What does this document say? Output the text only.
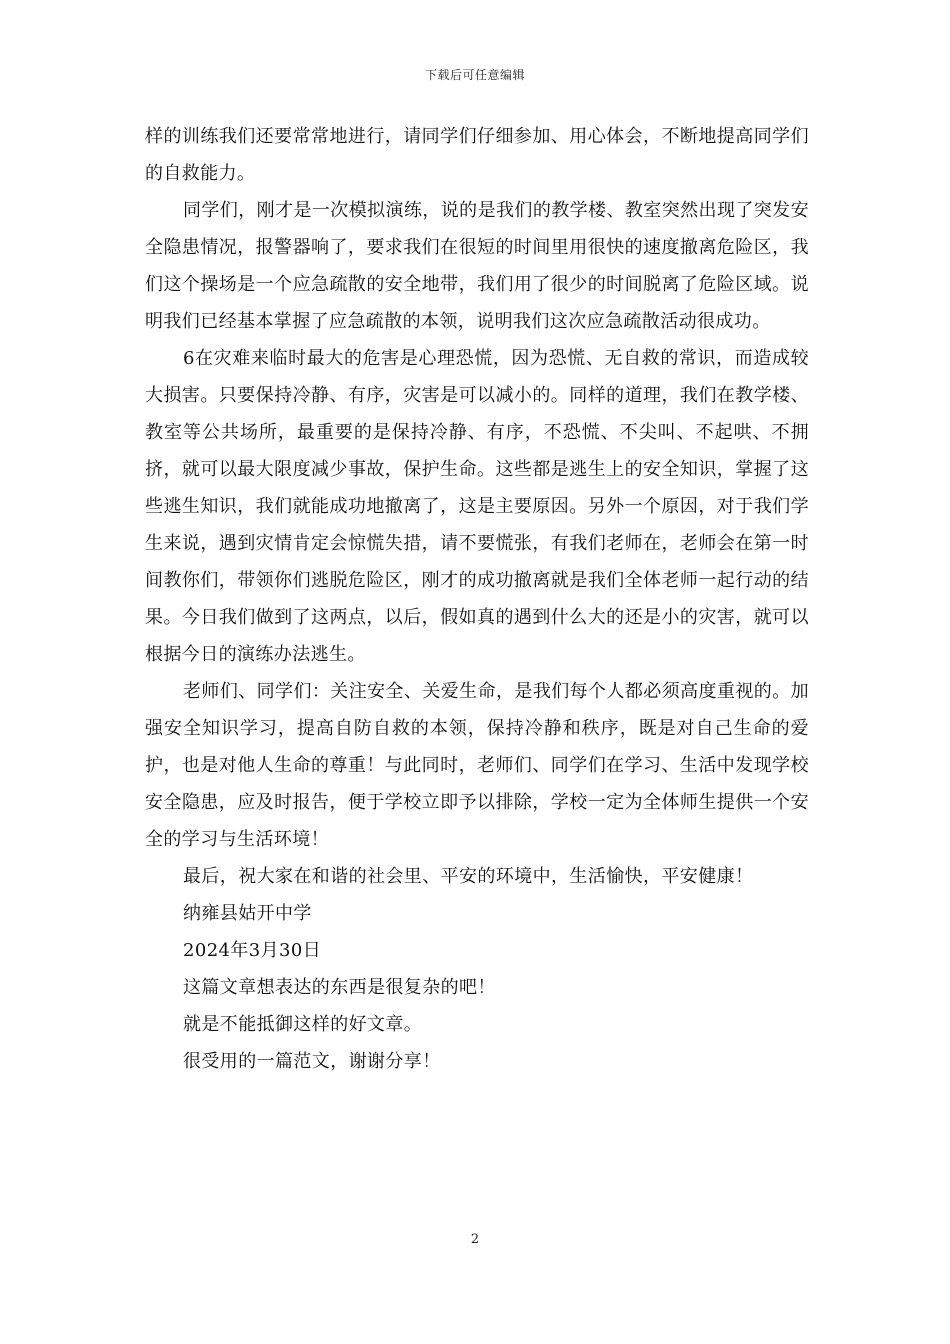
下载后可任意编辑

样的训练我们还要常常地进行，请同学们仔细参加、用心体会，不断地提高同学们的自救能力。

同学们，刚才是一次模拟演练，说的是我们的教学楼、教室突然出现了突发安全隐患情况，报警器响了，要求我们在很短的时间里用很快的速度撤离危险区，我们这个操场是一个应急疏散的安全地带，我们用了很少的时间脱离了危险区域。说明我们已经基本掌握了应急疏散的本领，说明我们这次应急疏散活动很成功。

6在灾难来临时最大的危害是心理恐慌，因为恐慌、无自救的常识，而造成较大损害。只要保持冷静、有序，灾害是可以减小的。同样的道理，我们在教学楼、教室等公共场所，最重要的是保持冷静、有序，不恐慌、不尖叫、不起哄、不拥挤，就可以最大限度减少事故，保护生命。这些都是逃生上的安全知识，掌握了这些逃生知识，我们就能成功地撤离了，这是主要原因。另外一个原因，对于我们学生来说，遇到灾情肯定会惊慌失措，请不要慌张，有我们老师在，老师会在第一时间教你们，带领你们逃脱危险区，刚才的成功撤离就是我们全体老师一起行动的结果。今日我们做到了这两点，以后，假如真的遇到什么大的还是小的灾害，就可以根据今日的演练办法逃生。

老师们、同学们：关注安全、关爱生命，是我们每个人都必须高度重视的。加强安全知识学习，提高自防自救的本领，保持冷静和秩序，既是对自己生命的爱护，也是对他人生命的尊重！与此同时，老师们、同学们在学习、生活中发现学校安全隐患，应及时报告，便于学校立即予以排除，学校一定为全体师生提供一个安全的学习与生活环境！

最后，祝大家在和谐的社会里、平安的环境中，生活愉快，平安健康！

纳雍县姑开中学

2024年3月30日

这篇文章想表达的东西是很复杂的吧！

就是不能抵御这样的好文章。

很受用的一篇范文，谢谢分享！

2
